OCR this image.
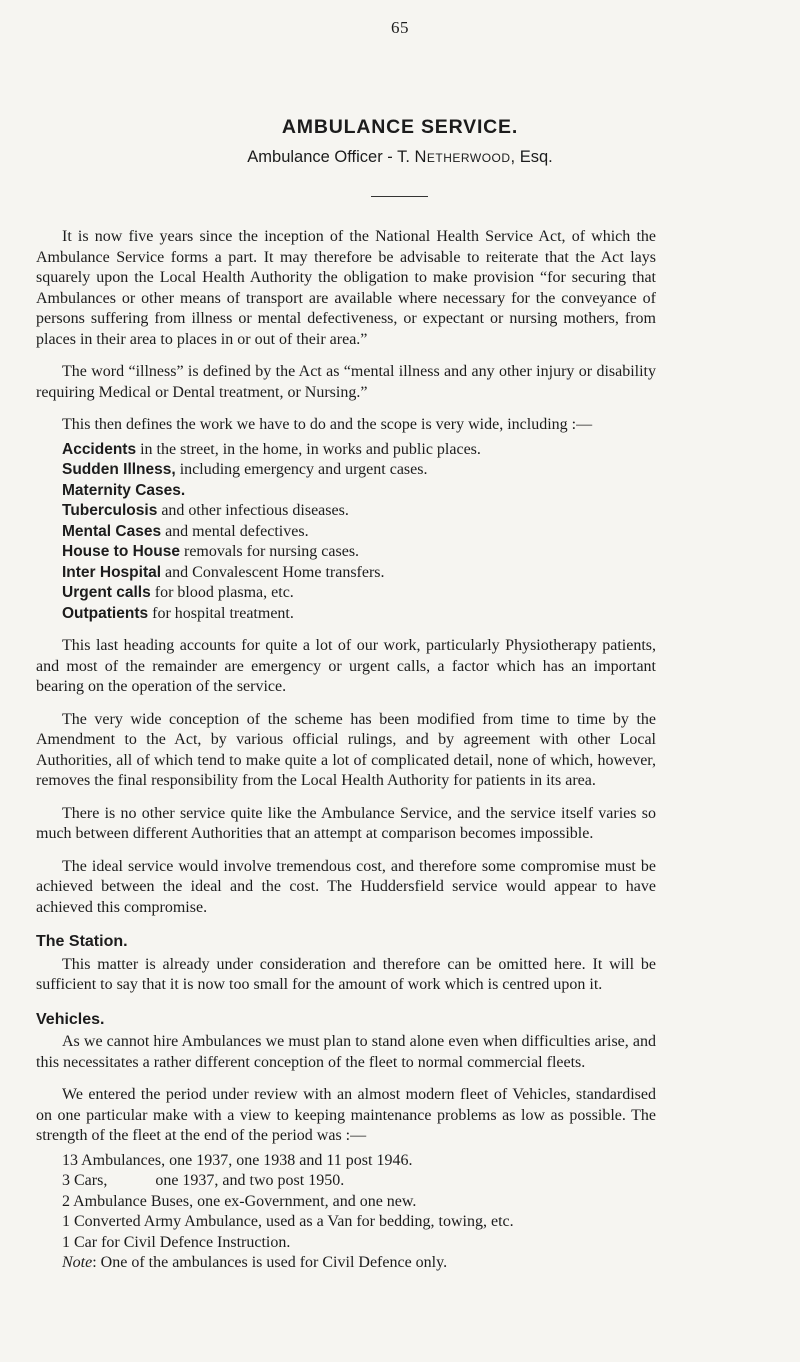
65
AMBULANCE SERVICE.
Ambulance Officer - T. Netherwood, Esq.

It is now five years since the inception of the National Health Service Act, of which the Ambulance Service forms a part. It may therefore be advisable to reiterate that the Act lays squarely upon the Local Health Authority the obligation to make provision “for securing that Ambulances or other means of transport are available where necessary for the conveyance of persons suffering from illness or mental defectiveness, or expectant or nursing mothers, from places in their area to places in or out of their area.”

The word “illness” is defined by the Act as “mental illness and any other injury or disability requiring Medical or Dental treatment, or Nursing.”

This then defines the work we have to do and the scope is very wide, including :—

Accidents in the street, in the home, in works and public places.
Sudden Illness, including emergency and urgent cases.
Maternity Cases.
Tuberculosis and other infectious diseases.
Mental Cases and mental defectives.
House to House removals for nursing cases.
Inter Hospital and Convalescent Home transfers.
Urgent calls for blood plasma, etc.
Outpatients for hospital treatment.

This last heading accounts for quite a lot of our work, particularly Physiotherapy patients, and most of the remainder are emergency or urgent calls, a factor which has an important bearing on the operation of the service.

The very wide conception of the scheme has been modified from time to time by the Amendment to the Act, by various official rulings, and by agreement with other Local Authorities, all of which tend to make quite a lot of complicated detail, none of which, however, removes the final responsibility from the Local Health Authority for patients in its area.

There is no other service quite like the Ambulance Service, and the service itself varies so much between different Authorities that an attempt at comparison becomes impossible.

The ideal service would involve tremendous cost, and therefore some compromise must be achieved between the ideal and the cost. The Huddersfield service would appear to have achieved this compromise.

The Station.

This matter is already under consideration and therefore can be omitted here. It will be sufficient to say that it is now too small for the amount of work which is centred upon it.

Vehicles.

As we cannot hire Ambulances we must plan to stand alone even when difficulties arise, and this necessitates a rather different conception of the fleet to normal commercial fleets.

We entered the period under review with an almost modern fleet of Vehicles, standardised on one particular make with a view to keeping maintenance problems as low as possible. The strength of the fleet at the end of the period was :—

13 Ambulances, one 1937, one 1938 and 11 post 1946.
3 Cars,            one 1937, and two post 1950.
2 Ambulance Buses, one ex-Government, and one new.
1 Converted Army Ambulance, used as a Van for bedding, towing, etc.
1 Car for Civil Defence Instruction.
Note: One of the ambulances is used for Civil Defence only.
